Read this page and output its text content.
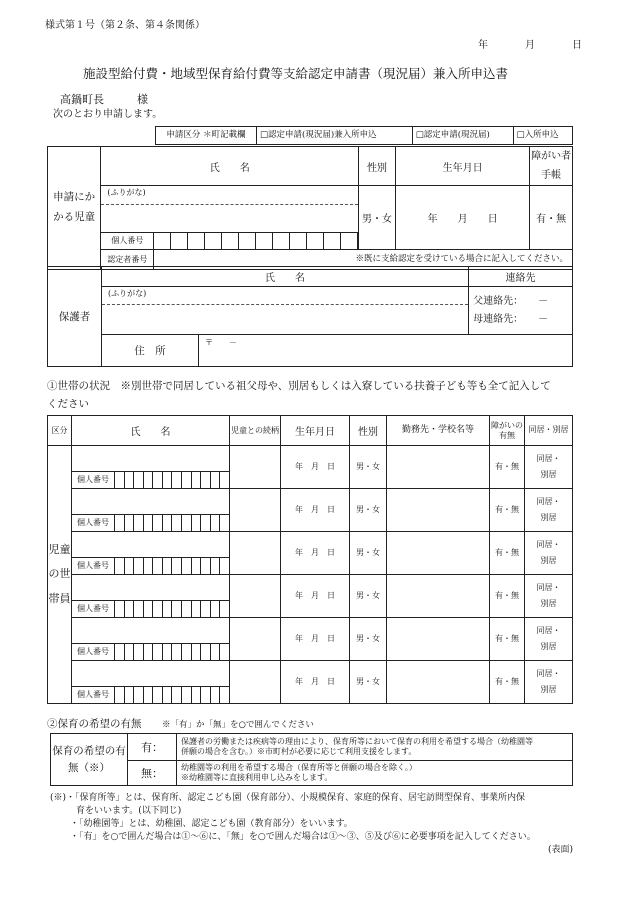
様式第１号（第２条、第４条関係）
年	月	日
施設型給付費・地域型保育給付費等支給認定申請書（現況届）兼入所申込書
高鍋町長　　　様
次のとおり申請します。
申請区分 ＊町記載欄	□認定申請(現況届)兼入所申込	□認定申請(現況届)	□入所申込
申請にかかる児童	氏　　名		性別	生年月日	障がい者手帳

	(ふりがな)		男・女	年　　月　　日	有・無
	個人番号				

	認定者番号	※既に支給認定を受けている場合に記入してください。			
保護者	氏　　名		連絡先

	(ふりがな)		父連絡先：　　－
母連絡先：　　－

	住　所	〒　　－	
①世帯の状況　※別世帯で同居している祖父母や、別居もしくは入寮している扶養子ども等も全て記入して
ください
区分	氏　　名	児童との続柄	生年月日	性別	勤務先・学校名等	障がいの有無	同居・別居
児童の世帯員			年　月　日	男・女		有・無	同居・
別居

	個人番号						

			年　月　日	男・女		有・無	同居・
別居

	個人番号						

			年　月　日	男・女		有・無	同居・
別居

	個人番号						

			年　月　日	男・女		有・無	同居・
別居

	個人番号						

			年　月　日	男・女		有・無	同居・
別居

	個人番号						

			年　月　日	男・女		有・無	同居・
別居

	個人番号						
②保育の希望の有無 ※「有」か「無」を○で囲んでください
保育の希望の有無（※）	有：	保護者の労働または疾病等の理由により、保育所等において保育の利用を希望する場合（幼稚園等
併願の場合を含む。）※市町村が必要に応じて利用支援をします。

	無：	幼稚園等の利用を希望する場合（保育所等と併願の場合を除く。）
※幼稚園等に直接利用申し込みをします。
(※)・「保育所等」とは、保育所、認定こども園（保育部分）、小規模保育、家庭的保育、居宅訪問型保育、事業所内保
育をいいます。(以下同じ)
・「幼稚園等」とは、幼稚園、認定こども園（教育部分）をいいます。
・「有」を○で囲んだ場合は①～⑥に、「無」を○で囲んだ場合は①～③、⑤及び⑥に必要事項を記入してください。
(表面)
